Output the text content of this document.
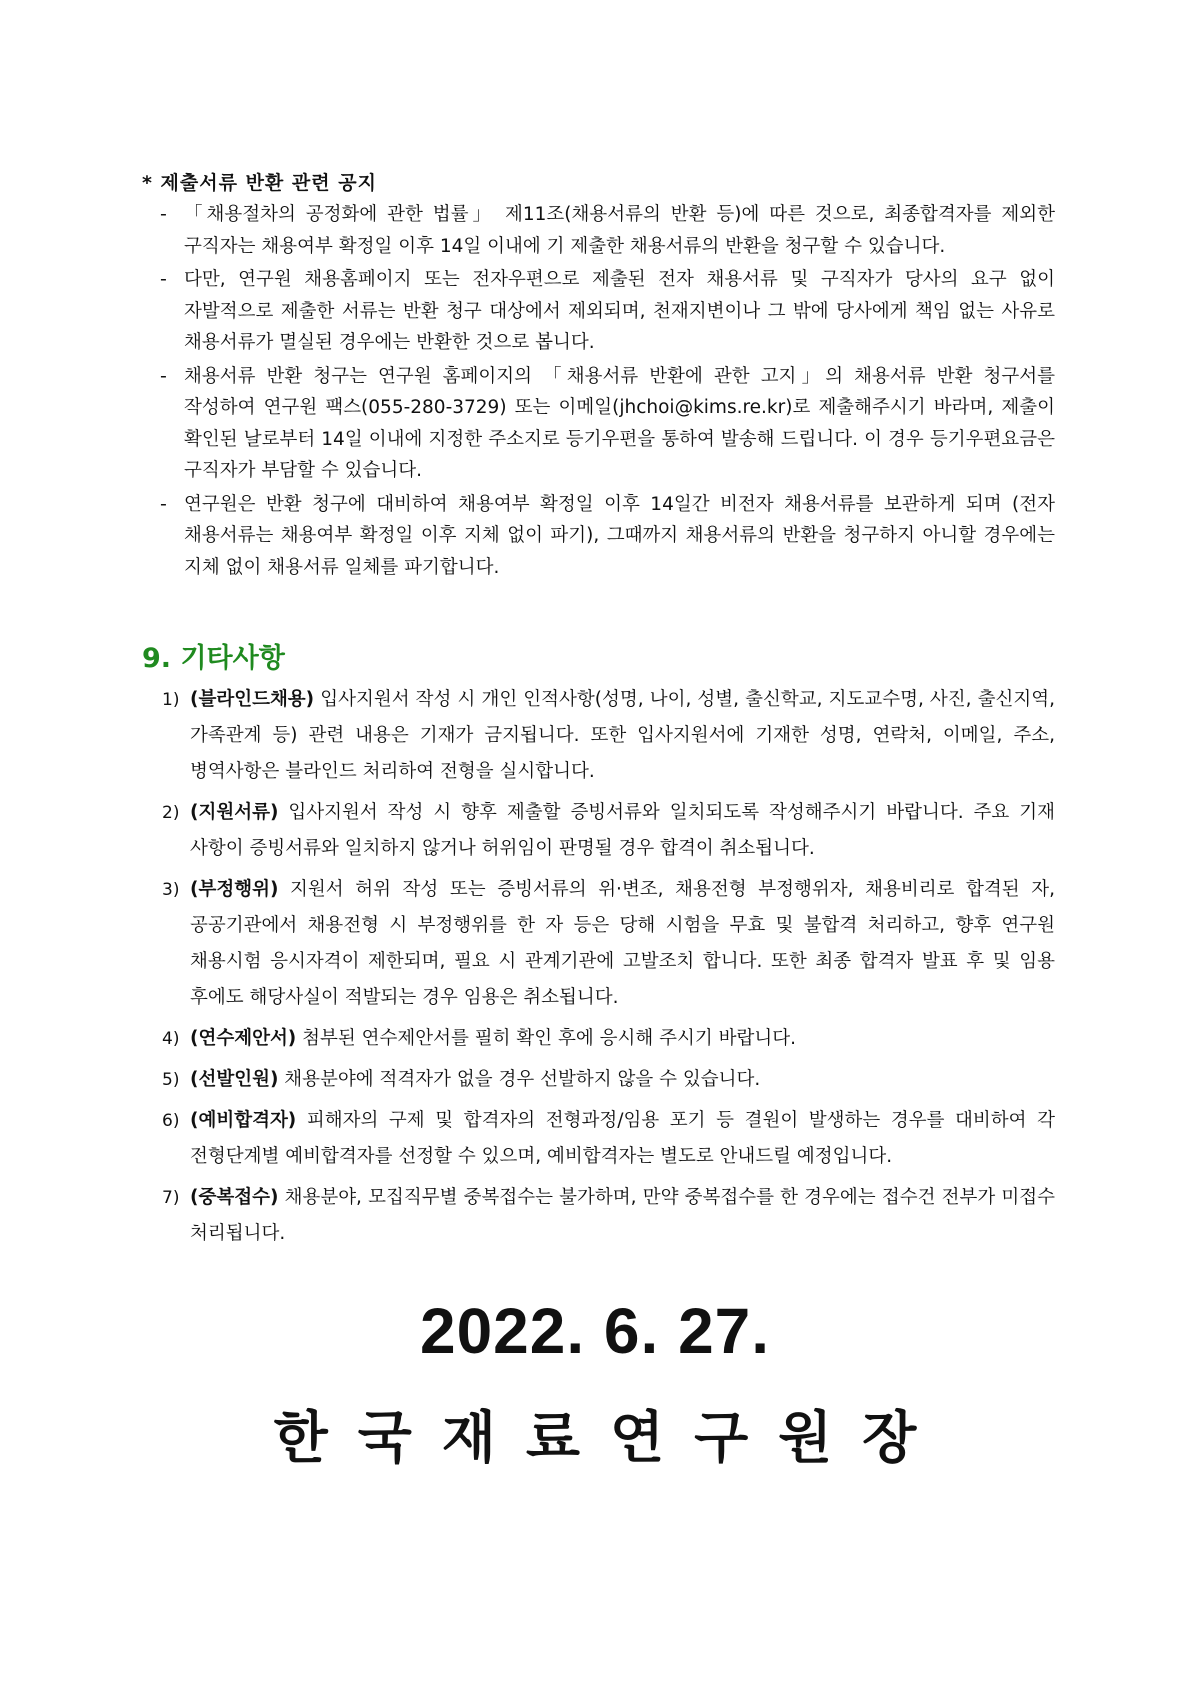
* 제출서류 반환 관련 공지
- 「채용절차의 공정화에 관한 법률」 제11조(채용서류의 반환 등)에 따른 것으로, 최종합격자를 제외한 구직자는 채용여부 확정일 이후 14일 이내에 기 제출한 채용서류의 반환을 청구할 수 있습니다.
- 다만, 연구원 채용홈페이지 또는 전자우편으로 제출된 전자 채용서류 및 구직자가 당사의 요구 없이 자발적으로 제출한 서류는 반환 청구 대상에서 제외되며, 천재지변이나 그 밖에 당사에게 책임 없는 사유로 채용서류가 멸실된 경우에는 반환한 것으로 봅니다.
- 채용서류 반환 청구는 연구원 홈페이지의 「채용서류 반환에 관한 고지」의 채용서류 반환 청구서를 작성하여 연구원 팩스(055-280-3729) 또는 이메일(jhchoi@kims.re.kr)로 제출해주시기 바라며, 제출이 확인된 날로부터 14일 이내에 지정한 주소지로 등기우편을 통하여 발송해 드립니다. 이 경우 등기우편요금은 구직자가 부담할 수 있습니다.
- 연구원은 반환 청구에 대비하여 채용여부 확정일 이후 14일간 비전자 채용서류를 보관하게 되며 (전자 채용서류는 채용여부 확정일 이후 지체 없이 파기), 그때까지 채용서류의 반환을 청구하지 아니할 경우에는 지체 없이 채용서류 일체를 파기합니다.
9. 기타사항
1) (블라인드채용) 입사지원서 작성 시 개인 인적사항(성명, 나이, 성별, 출신학교, 지도교수명, 사진, 출신지역, 가족관계 등) 관련 내용은 기재가 금지됩니다. 또한 입사지원서에 기재한 성명, 연락처, 이메일, 주소, 병역사항은 블라인드 처리하여 전형을 실시합니다.
2) (지원서류) 입사지원서 작성 시 향후 제출할 증빙서류와 일치되도록 작성해주시기 바랍니다. 주요 기재 사항이 증빙서류와 일치하지 않거나 허위임이 판명될 경우 합격이 취소됩니다.
3) (부정행위) 지원서 허위 작성 또는 증빙서류의 위·변조, 채용전형 부정행위자, 채용비리로 합격된 자, 공공기관에서 채용전형 시 부정행위를 한 자 등은 당해 시험을 무효 및 불합격 처리하고, 향후 연구원 채용시험 응시자격이 제한되며, 필요 시 관계기관에 고발조치 합니다. 또한 최종 합격자 발표 후 및 임용 후에도 해당사실이 적발되는 경우 임용은 취소됩니다.
4) (연수제안서) 첨부된 연수제안서를 필히 확인 후에 응시해 주시기 바랍니다.
5) (선발인원) 채용분야에 적격자가 없을 경우 선발하지 않을 수 있습니다.
6) (예비합격자) 피해자의 구제 및 합격자의 전형과정/임용 포기 등 결원이 발생하는 경우를 대비하여 각 전형단계별 예비합격자를 선정할 수 있으며, 예비합격자는 별도로 안내드릴 예정입니다.
7) (중복접수) 채용분야, 모집직무별 중복접수는 불가하며, 만약 중복접수를 한 경우에는 접수건 전부가 미접수 처리됩니다.
2022. 6. 27.
한국재료연구원장
